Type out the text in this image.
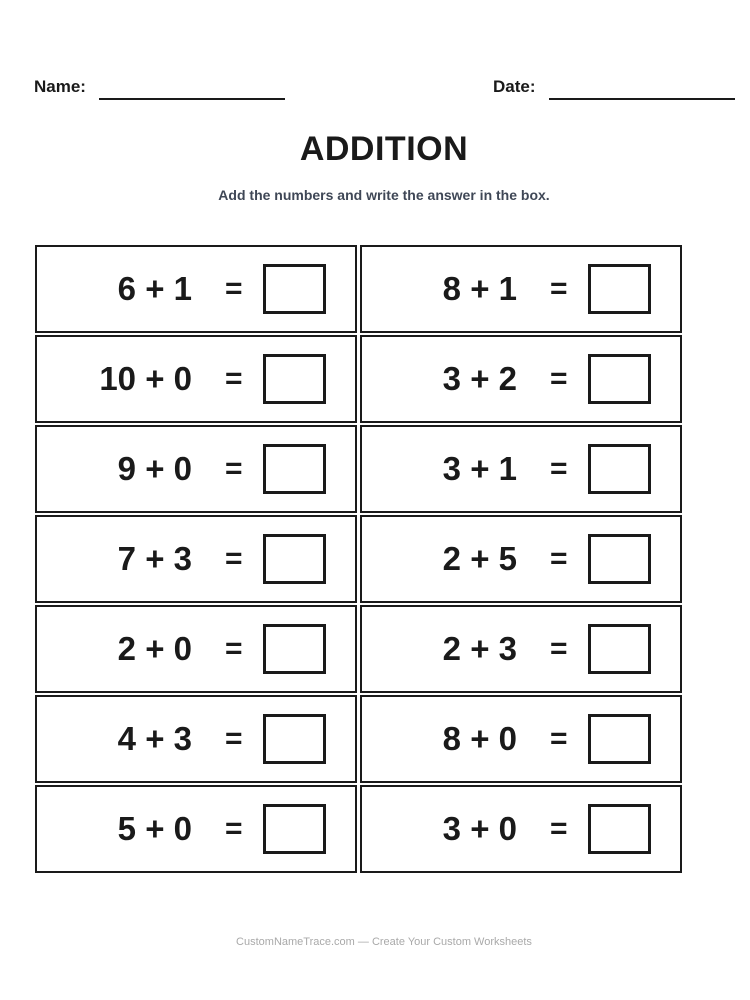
Name:	Date:
ADDITION
Add the numbers and write the answer in the box.
6 + 1 =	8 + 1 =
10 + 0 =	3 + 2 =
9 + 0 =	3 + 1 =
7 + 3 =	2 + 5 =
2 + 0 =	2 + 3 =
4 + 3 =	8 + 0 =
5 + 0 =	3 + 0 =
CustomNameTrace.com — Create Your Custom Worksheets
